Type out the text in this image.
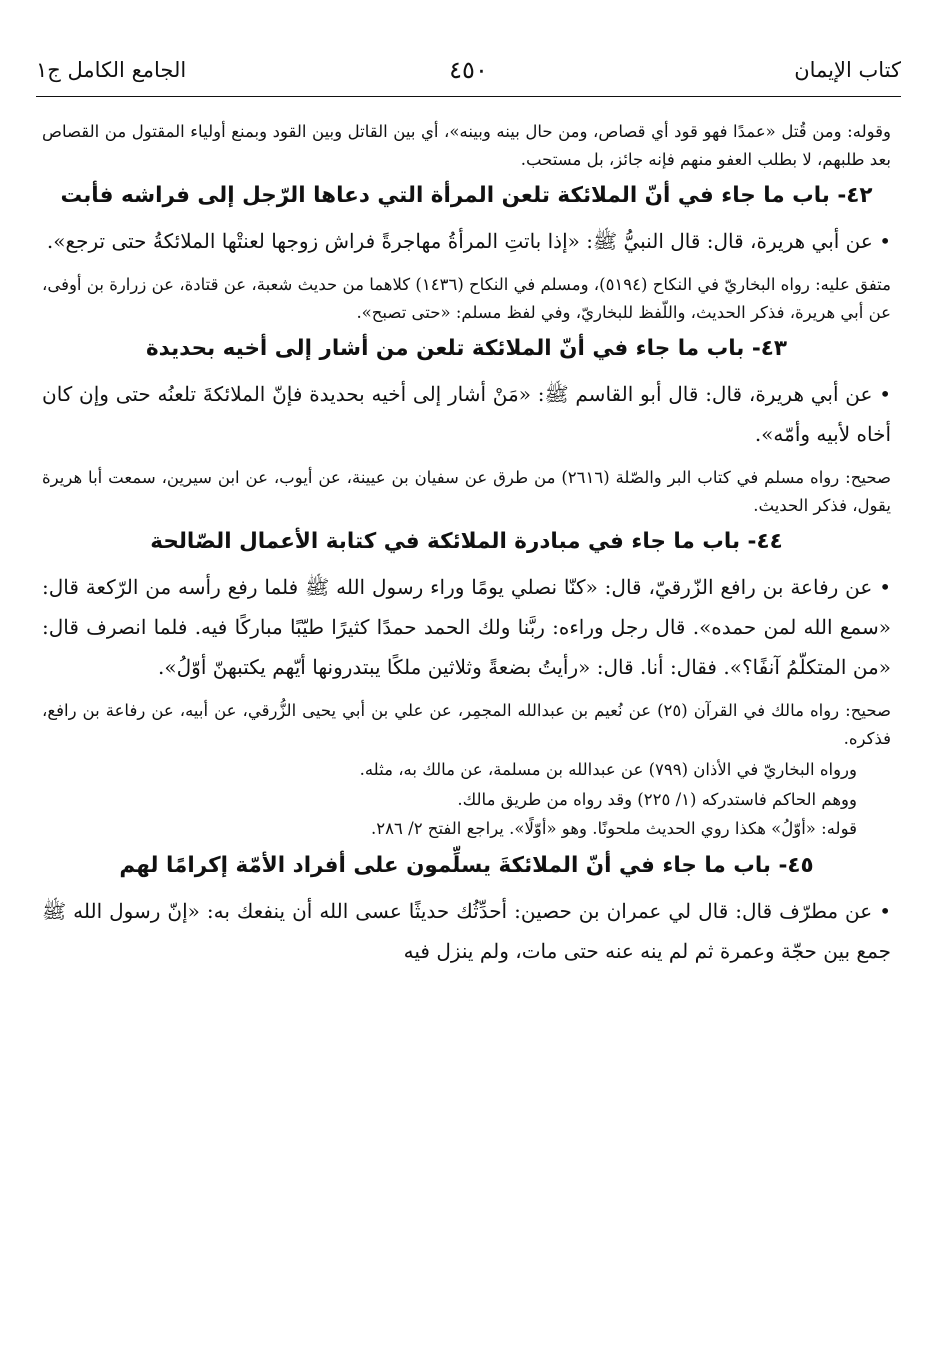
كتاب الإيمان
٤٥٠
الجامع الكامل ج١

وقوله: ومن قُتل «عمدًا فهو قود أي قصاص، ومن حال بينه وبينه»، أي بين القاتل وبين القود وبمنع أولياء المقتول من القصاص بعد طلبهم، لا بطلب العفو منهم فإنه جائز، بل مستحب.

٤٢- باب ما جاء في أنّ الملائكة تلعن المرأة التي دعاها الرّجل إلى فراشه فأبت

• عن أبي هريرة، قال: قال النبيُّ ﷺ: «إذا باتتِ المرأةُ مهاجرةً فراش زوجها لعنتْها الملائكةُ حتى ترجع».

متفق عليه: رواه البخاريّ في النكاح (٥١٩٤)، ومسلم في النكاح (١٤٣٦) كلاهما من حديث شعبة، عن قتادة، عن زرارة بن أوفى، عن أبي هريرة، فذكر الحديث، واللّفظ للبخاريّ، وفي لفظ مسلم: «حتى تصبح».

٤٣- باب ما جاء في أنّ الملائكة تلعن من أشار إلى أخيه بحديدة

• عن أبي هريرة، قال: قال أبو القاسم ﷺ: «مَنْ أشار إلى أخيه بحديدة فإنّ الملائكةَ تلعنُه حتى وإن كان أخاه لأبيه وأمّه».

صحيح: رواه مسلم في كتاب البر والصّلة (٢٦١٦) من طرق عن سفيان بن عيينة، عن أيوب، عن ابن سيرين، سمعت أبا هريرة يقول، فذكر الحديث.

٤٤- باب ما جاء في مبادرة الملائكة في كتابة الأعمال الصّالحة

• عن رفاعة بن رافع الزّرقيّ، قال: «كنّا نصلي يومًا وراء رسول الله ﷺ فلما رفع رأسه من الرّكعة قال: «سمع الله لمن حمده». قال رجل وراءه: ربَّنا ولك الحمد حمدًا كثيرًا طيّبًا مباركًا فيه. فلما انصرف قال: «من المتكلّمُ آنفًا؟». فقال: أنا. قال: «رأيتُ بضعةً وثلاثين ملكًا يبتدرونها أيّهم يكتبهنّ أوّلُ».

صحيح: رواه مالك في القرآن (٢٥) عن نُعيم بن عبدالله المجمِر، عن علي بن أبي يحيى الزُّرقي، عن أبيه، عن رفاعة بن رافع، فذكره.

ورواه البخاريّ في الأذان (٧٩٩) عن عبدالله بن مسلمة، عن مالك به، مثله.

ووهم الحاكم فاستدركه (١/ ٢٢٥) وقد رواه من طريق مالك.

قوله: «أوّلُ» هكذا روي الحديث ملحونًا. وهو «أوّلًا». يراجع الفتح ٢/ ٢٨٦.

٤٥- باب ما جاء في أنّ الملائكةَ يسلِّمون على أفراد الأمّة إكرامًا لهم

• عن مطرّف قال: قال لي عمران بن حصين: أحدِّثُك حديثًا عسى الله أن ينفعك به: «إنّ رسول الله ﷺ جمع بين حجّة وعمرة ثم لم ينه عنه حتى مات، ولم ينزل فيه
